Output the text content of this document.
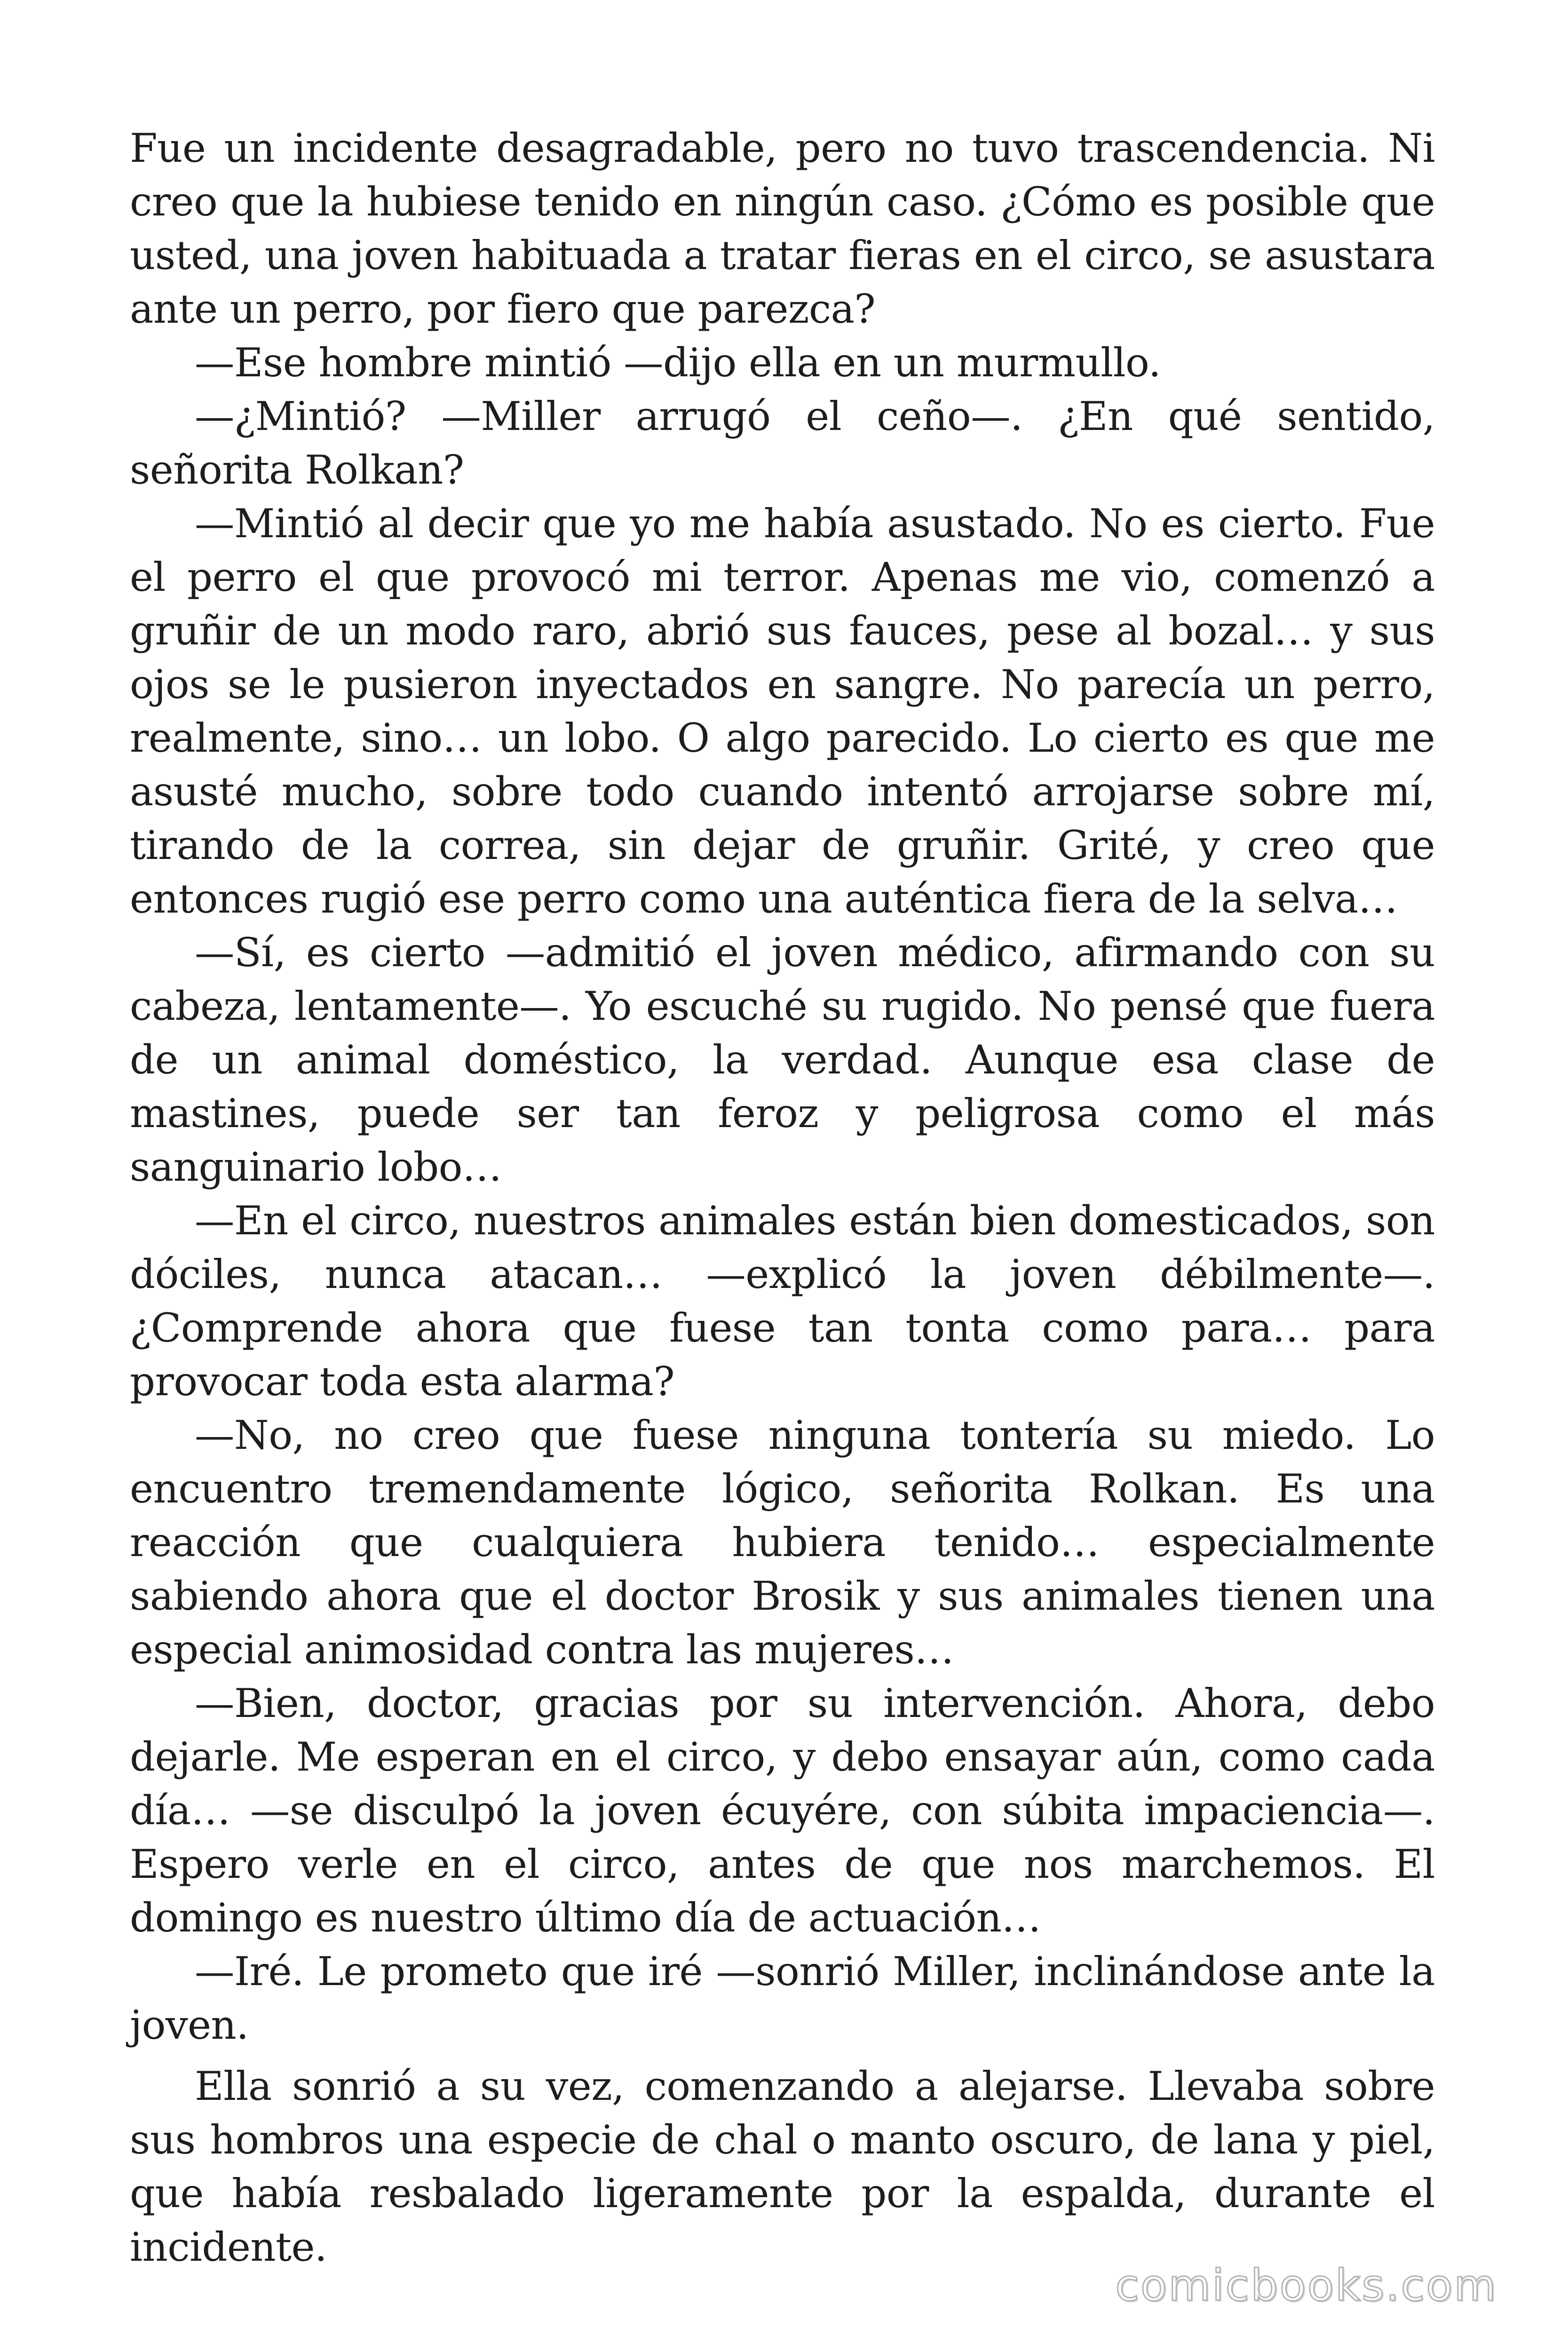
Fue un incidente desagradable, pero no tuvo trascendencia. Ni creo que la hubiese tenido en ningún caso. ¿Cómo es posible que usted, una joven habituada a tratar fieras en el circo, se asustara ante un perro, por fiero que parezca?

—Ese hombre mintió —dijo ella en un murmullo.

—¿Mintió? —Miller arrugó el ceño—. ¿En qué sentido, señorita Rolkan?

—Mintió al decir que yo me había asustado. No es cierto. Fue el perro el que provocó mi terror. Apenas me vio, comenzó a gruñir de un modo raro, abrió sus fauces, pese al bozal… y sus ojos se le pusieron inyectados en sangre. No parecía un perro, realmente, sino… un lobo. O algo parecido. Lo cierto es que me asusté mucho, sobre todo cuando intentó arrojarse sobre mí, tirando de la correa, sin dejar de gruñir. Grité, y creo que entonces rugió ese perro como una auténtica fiera de la selva…

—Sí, es cierto —admitió el joven médico, afirmando con su cabeza, lentamente—. Yo escuché su rugido. No pensé que fuera de un animal doméstico, la verdad. Aunque esa clase de mastines, puede ser tan feroz y peligrosa como el más sanguinario lobo…

—En el circo, nuestros animales están bien domesticados, son dóciles, nunca atacan… —explicó la joven débilmente—. ¿Comprende ahora que fuese tan tonta como para… para provocar toda esta alarma?

—No, no creo que fuese ninguna tontería su miedo. Lo encuentro tremendamente lógico, señorita Rolkan. Es una reacción que cualquiera hubiera tenido… especialmente sabiendo ahora que el doctor Brosik y sus animales tienen una especial animosidad contra las mujeres…

—Bien, doctor, gracias por su intervención. Ahora, debo dejarle. Me esperan en el circo, y debo ensayar aún, como cada día… —se disculpó la joven écuyére, con súbita impaciencia—. Espero verle en el circo, antes de que nos marchemos. El domingo es nuestro último día de actuación…

—Iré. Le prometo que iré —sonrió Miller, inclinándose ante la joven.

Ella sonrió a su vez, comenzando a alejarse. Llevaba sobre sus hombros una especie de chal o manto oscuro, de lana y piel, que había resbalado ligeramente por la espalda, durante el incidente.

comicbooks.com
